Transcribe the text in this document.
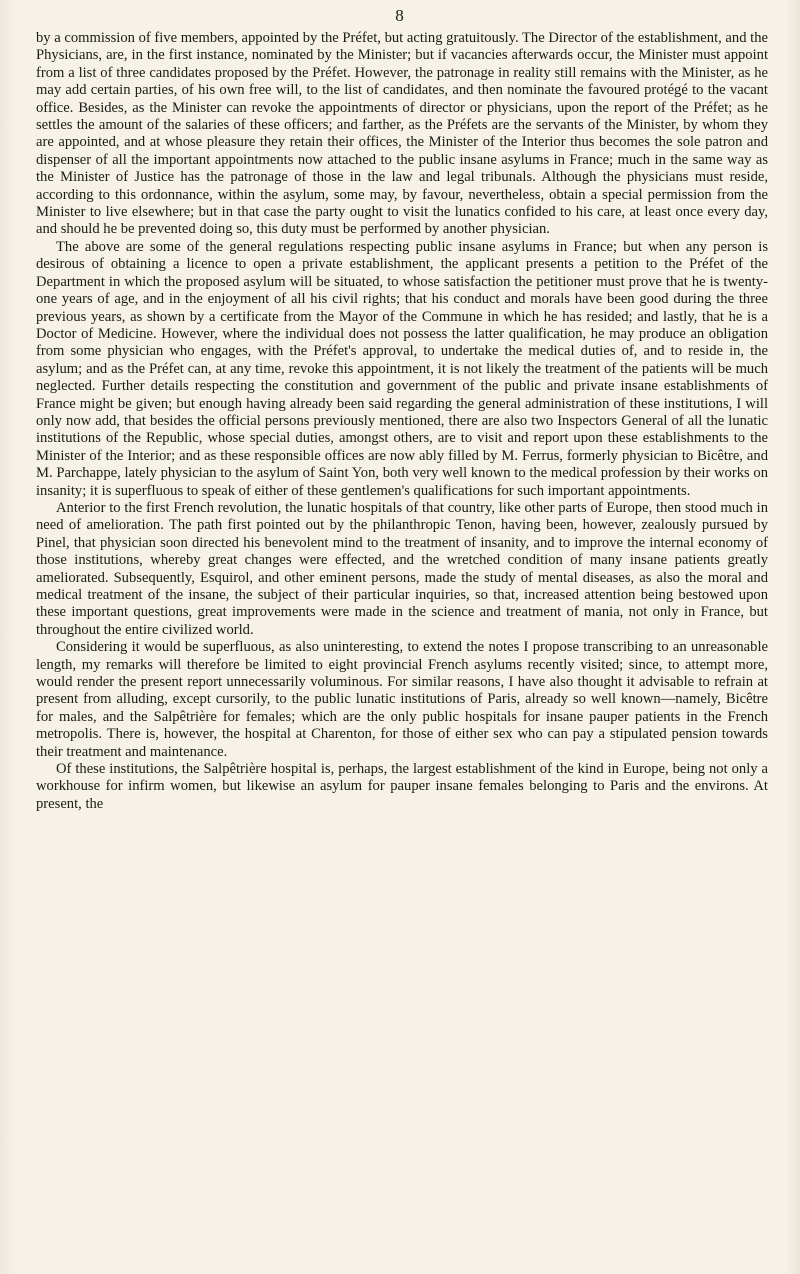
8

by a commission of five members, appointed by the Préfet, but acting gratuitously. The Director of the establishment, and the Physicians, are, in the first instance, nominated by the Minister; but if vacancies afterwards occur, the Minister must appoint from a list of three candidates proposed by the Préfet. However, the patronage in reality still remains with the Minister, as he may add certain parties, of his own free will, to the list of candidates, and then nominate the favoured protégé to the vacant office. Besides, as the Minister can revoke the appointments of director or physicians, upon the report of the Préfet; as he settles the amount of the salaries of these officers; and farther, as the Préfets are the servants of the Minister, by whom they are appointed, and at whose pleasure they retain their offices, the Minister of the Interior thus becomes the sole patron and dispenser of all the important appointments now attached to the public insane asylums in France; much in the same way as the Minister of Justice has the patronage of those in the law and legal tribunals. Although the physicians must reside, according to this ordonnance, within the asylum, some may, by favour, nevertheless, obtain a special permission from the Minister to live elsewhere; but in that case the party ought to visit the lunatics confided to his care, at least once every day, and should he be prevented doing so, this duty must be performed by another physician.

The above are some of the general regulations respecting public insane asylums in France; but when any person is desirous of obtaining a licence to open a private establishment, the applicant presents a petition to the Préfet of the Department in which the proposed asylum will be situated, to whose satisfaction the petitioner must prove that he is twenty-one years of age, and in the enjoyment of all his civil rights; that his conduct and morals have been good during the three previous years, as shown by a certificate from the Mayor of the Commune in which he has resided; and lastly, that he is a Doctor of Medicine. However, where the individual does not possess the latter qualification, he may produce an obligation from some physician who engages, with the Préfet's approval, to undertake the medical duties of, and to reside in, the asylum; and as the Préfet can, at any time, revoke this appointment, it is not likely the treatment of the patients will be much neglected. Further details respecting the constitution and government of the public and private insane establishments of France might be given; but enough having already been said regarding the general administration of these institutions, I will only now add, that besides the official persons previously mentioned, there are also two Inspectors General of all the lunatic institutions of the Republic, whose special duties, amongst others, are to visit and report upon these establishments to the Minister of the Interior; and as these responsible offices are now ably filled by M. Ferrus, formerly physician to Bicêtre, and M. Parchappe, lately physician to the asylum of Saint Yon, both very well known to the medical profession by their works on insanity; it is superfluous to speak of either of these gentlemen's qualifications for such important appointments.

Anterior to the first French revolution, the lunatic hospitals of that country, like other parts of Europe, then stood much in need of amelioration. The path first pointed out by the philanthropic Tenon, having been, however, zealously pursued by Pinel, that physician soon directed his benevolent mind to the treatment of insanity, and to improve the internal economy of those institutions, whereby great changes were effected, and the wretched condition of many insane patients greatly ameliorated. Subsequently, Esquirol, and other eminent persons, made the study of mental diseases, as also the moral and medical treatment of the insane, the subject of their particular inquiries, so that, increased attention being bestowed upon these important questions, great improvements were made in the science and treatment of mania, not only in France, but throughout the entire civilized world.

Considering it would be superfluous, as also uninteresting, to extend the notes I propose transcribing to an unreasonable length, my remarks will therefore be limited to eight provincial French asylums recently visited; since, to attempt more, would render the present report unnecessarily voluminous. For similar reasons, I have also thought it advisable to refrain at present from alluding, except cursorily, to the public lunatic institutions of Paris, already so well known—namely, Bicêtre for males, and the Salpêtrière for females; which are the only public hospitals for insane pauper patients in the French metropolis. There is, however, the hospital at Charenton, for those of either sex who can pay a stipulated pension towards their treatment and maintenance.

Of these institutions, the Salpêtrière hospital is, perhaps, the largest establishment of the kind in Europe, being not only a workhouse for infirm women, but likewise an asylum for pauper insane females belonging to Paris and the environs. At present, the
